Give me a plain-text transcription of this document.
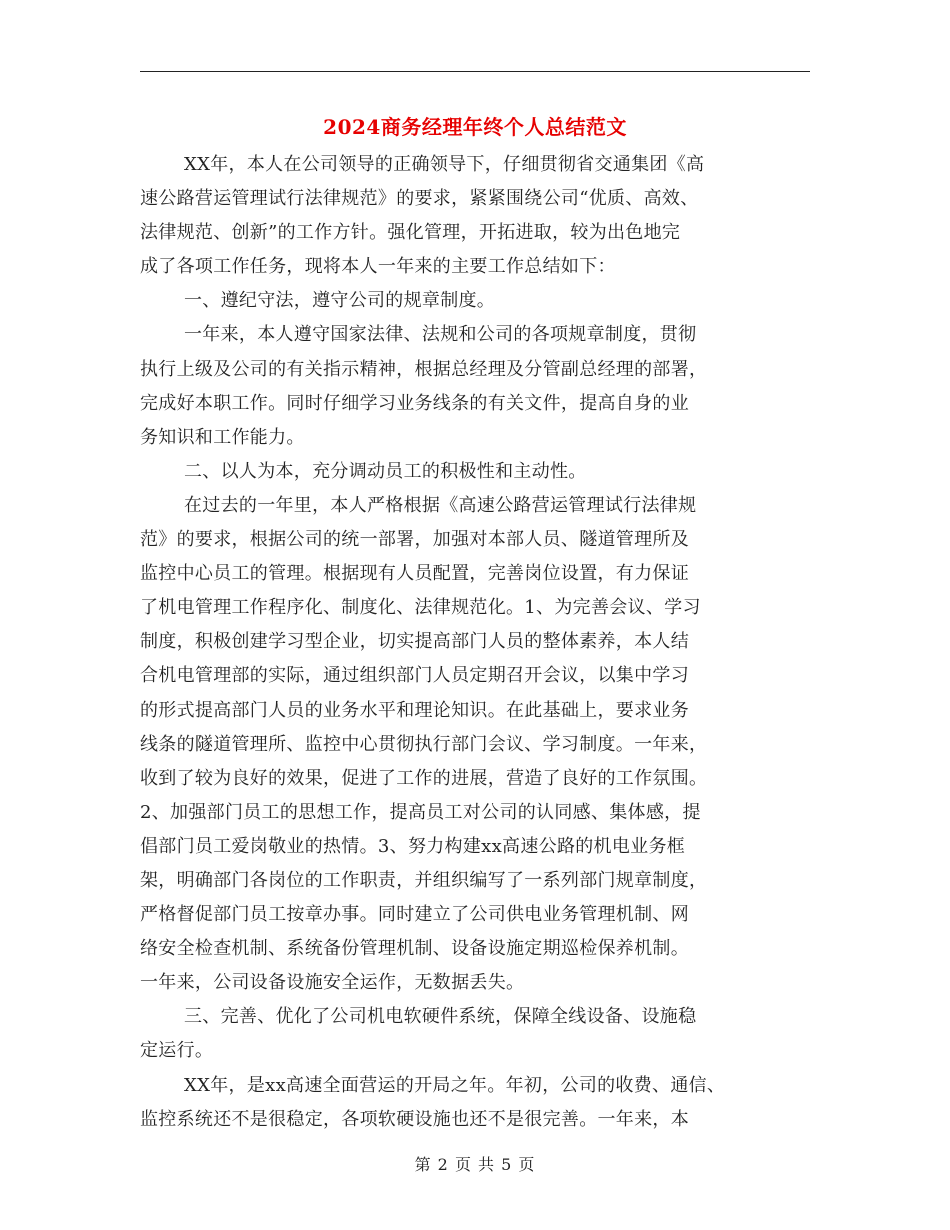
2024商务经理年终个人总结范文
XX年，本人在公司领导的正确领导下，仔细贯彻省交通集团《高
速公路营运管理试行法律规范》的要求，紧紧围绕公司“优质、高效、
法律规范、创新”的工作方针。强化管理，开拓进取，较为出色地完
成了各项工作任务，现将本人一年来的主要工作总结如下：
一、遵纪守法，遵守公司的规章制度。
一年来，本人遵守国家法律、法规和公司的各项规章制度，贯彻
执行上级及公司的有关指示精神，根据总经理及分管副总经理的部署，
完成好本职工作。同时仔细学习业务线条的有关文件，提高自身的业
务知识和工作能力。
二、以人为本，充分调动员工的积极性和主动性。
在过去的一年里，本人严格根据《高速公路营运管理试行法律规
范》的要求，根据公司的统一部署，加强对本部人员、隧道管理所及
监控中心员工的管理。根据现有人员配置，完善岗位设置，有力保证
了机电管理工作程序化、制度化、法律规范化。1、为完善会议、学习
制度，积极创建学习型企业，切实提高部门人员的整体素养，本人结
合机电管理部的实际，通过组织部门人员定期召开会议，以集中学习
的形式提高部门人员的业务水平和理论知识。在此基础上，要求业务
线条的隧道管理所、监控中心贯彻执行部门会议、学习制度。一年来，
收到了较为良好的效果，促进了工作的进展，营造了良好的工作氛围。
2、加强部门员工的思想工作，提高员工对公司的认同感、集体感，提
倡部门员工爱岗敬业的热情。3、努力构建xx高速公路的机电业务框
架，明确部门各岗位的工作职责，并组织编写了一系列部门规章制度，
严格督促部门员工按章办事。同时建立了公司供电业务管理机制、网
络安全检查机制、系统备份管理机制、设备设施定期巡检保养机制。
一年来，公司设备设施安全运作，无数据丢失。
三、完善、优化了公司机电软硬件系统，保障全线设备、设施稳
定运行。
XX年，是xx高速全面营运的开局之年。年初，公司的收费、通信、
监控系统还不是很稳定，各项软硬设施也还不是很完善。一年来，本
第 2 页 共 5 页
